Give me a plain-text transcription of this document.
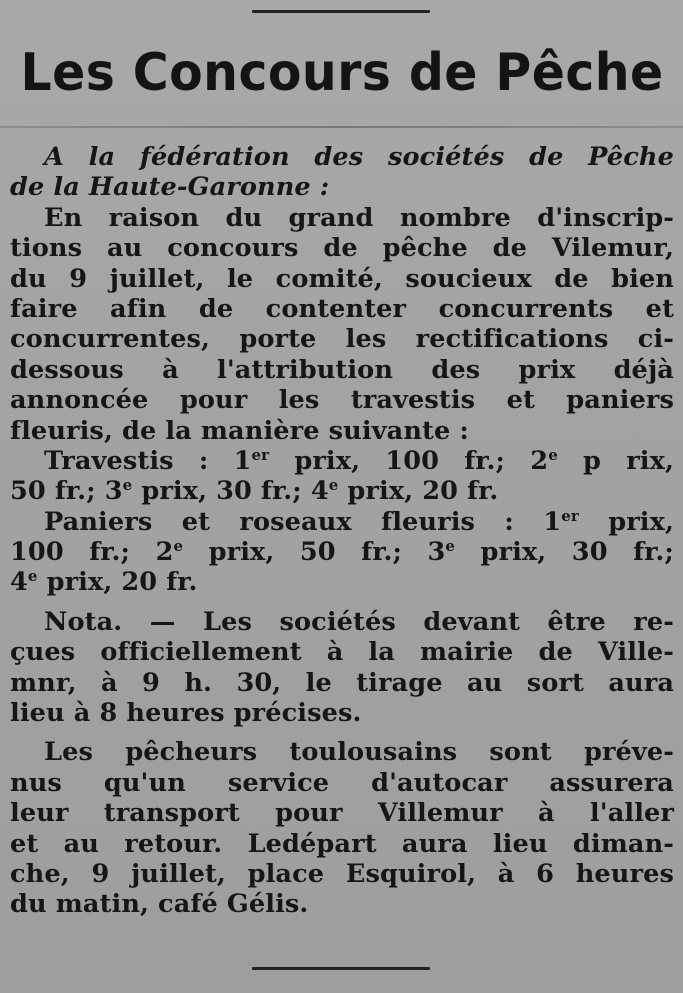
Les Concours de Pêche
A la fédération des sociétés de Pêche
de la Haute-Garonne :
En raison du grand nombre d'inscrip-
tions au concours de pêche de Vilemur,
du 9 juillet, le comité, soucieux de bien
faire afin de contenter concurrents et
concurrentes, porte les rectifications ci-
dessous à l'attribution des prix déjà
annoncée pour les travestis et paniers
fleuris, de la manière suivante :
Travestis : 1er prix, 100 fr.; 2e p rix,
50 fr.; 3e prix, 30 fr.; 4e prix, 20 fr.
Paniers et roseaux fleuris : 1er prix,
100 fr.; 2e prix, 50 fr.; 3e prix, 30 fr.;
4e prix, 20 fr.
Nota. — Les sociétés devant être re-
çues officiellement à la mairie de Ville-
mnr, à 9 h. 30, le tirage au sort aura
lieu à 8 heures précises.
Les pêcheurs toulousains sont préve-
nus qu'un service d'autocar assurera
leur transport pour Villemur à l'aller
et au retour. Ledépart aura lieu diman-
che, 9 juillet, place Esquirol, à 6 heures
du matin, café Gélis.
